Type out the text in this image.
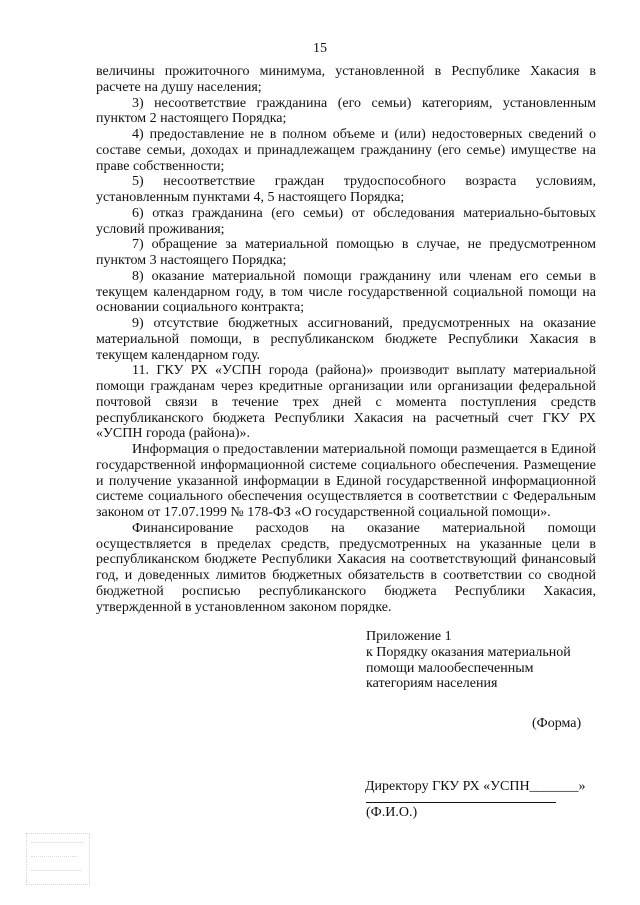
15

величины прожиточного минимума, установленной в Республике Хакасия в расчете на душу населения;

3) несоответствие гражданина (его семьи) категориям, установленным пунктом 2 настоящего Порядка;

4) предоставление не в полном объеме и (или) недостоверных сведений о составе семьи, доходах и принадлежащем гражданину (его семье) имуществе на праве собственности;

5) несоответствие граждан трудоспособного возраста условиям, установленным пунктами 4, 5 настоящего Порядка;

6) отказ гражданина (его семьи) от обследования материально-бытовых условий проживания;

7) обращение за материальной помощью в случае, не предусмотренном пунктом 3 настоящего Порядка;

8) оказание материальной помощи гражданину или членам его семьи в текущем календарном году, в том числе государственной социальной помощи на основании социального контракта;

9) отсутствие бюджетных ассигнований, предусмотренных на оказание материальной помощи, в республиканском бюджете Республики Хакасия в текущем календарном году.

11. ГКУ РХ «УСПН города (района)» производит выплату материальной помощи гражданам через кредитные организации или организации федеральной почтовой связи в течение трех дней с момента поступления средств республиканского бюджета Республики Хакасия на расчетный счет ГКУ РХ «УСПН города (района)».

Информация о предоставлении материальной помощи размещается в Единой государственной информационной системе социального обеспечения. Размещение и получение указанной информации в Единой государственной информационной системе социального обеспечения осуществляется в соответствии с Федеральным законом от 17.07.1999 № 178-ФЗ «О государственной социальной помощи».

Финансирование расходов на оказание материальной помощи осуществляется в пределах средств, предусмотренных на указанные цели в республиканском бюджете Республики Хакасия на соответствующий финансовый год, и доведенных лимитов бюджетных обязательств в соответствии со сводной бюджетной росписью республиканского бюджета Республики Хакасия, утвержденной в установленном законом порядке.

Приложение 1
к Порядку оказания материальной
помощи малообеспеченным
категориям населения
(Форма)
Директору ГКУ РХ «УСПН_______»
(Ф.И.О.)
